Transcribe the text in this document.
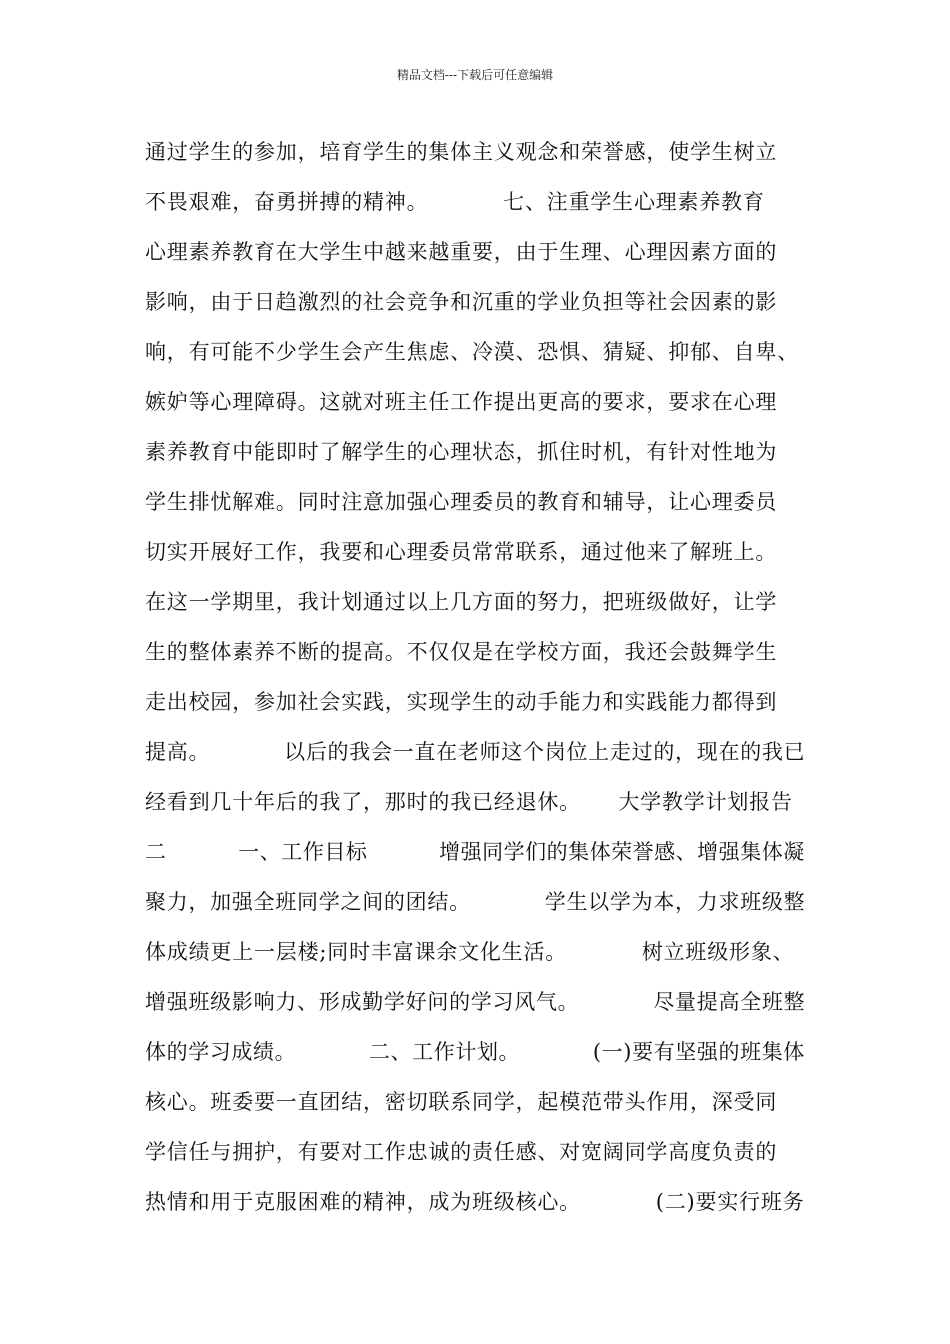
精品文档---下载后可任意编辑
通过学生的参加，培育学生的集体主义观念和荣誉感，使学生树立
不畏艰难，奋勇拼搏的精神。          七、注重学生心理素养教育
心理素养教育在大学生中越来越重要，由于生理、心理因素方面的
影响，由于日趋激烈的社会竞争和沉重的学业负担等社会因素的影
响，有可能不少学生会产生焦虑、冷漠、恐惧、猜疑、抑郁、自卑、
嫉妒等心理障碍。这就对班主任工作提出更高的要求，要求在心理
素养教育中能即时了解学生的心理状态，抓住时机，有针对性地为
学生排忧解难。同时注意加强心理委员的教育和辅导，让心理委员
切实开展好工作，我要和心理委员常常联系，通过他来了解班上。
在这一学期里，我计划通过以上几方面的努力，把班级做好，让学
生的整体素养不断的提高。不仅仅是在学校方面，我还会鼓舞学生
走出校园，参加社会实践，实现学生的动手能力和实践能力都得到
提高。          以后的我会一直在老师这个岗位上走过的，现在的我已
经看到几十年后的我了，那时的我已经退休。     大学教学计划报告
二          一、工作目标          增强同学们的集体荣誉感、增强集体凝
聚力，加强全班同学之间的团结。          学生以学为本，力求班级整
体成绩更上一层楼;同时丰富课余文化生活。          树立班级形象、
增强班级影响力、形成勤学好问的学习风气。          尽量提高全班整
体的学习成绩。          二、工作计划。          (一)要有坚强的班集体
核心。班委要一直团结，密切联系同学，起模范带头作用，深受同
学信任与拥护，有要对工作忠诚的责任感、对宽阔同学高度负责的
热情和用于克服困难的精神，成为班级核心。          (二)要实行班务
